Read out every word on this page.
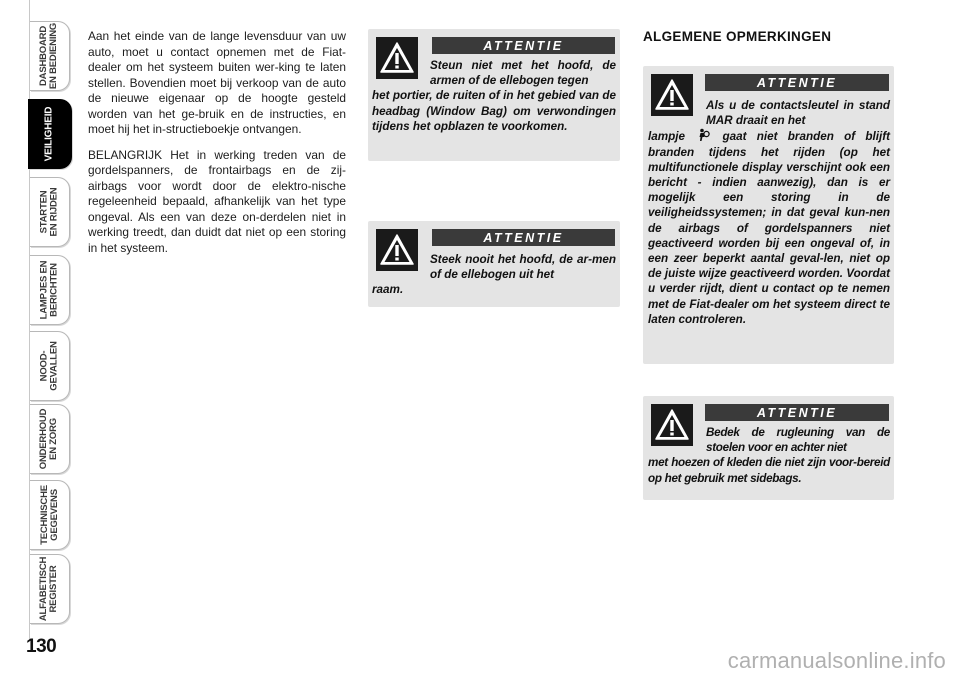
DASHBOARD
EN BEDIENING
VEILIGHEID
STARTEN
EN RIJDEN
LAMPJES EN
BERICHTEN
NOOD-
GEVALLEN
ONDERHOUD
EN ZORG
TECHNISCHE
GEGEVENS
ALFABETISCH
REGISTER
130

Aan het einde van de lange levensduur van uw auto, moet u contact opnemen met de Fiat-dealer om het systeem buiten wer-king te laten stellen. Bovendien moet bij verkoop van de auto de nieuwe eigenaar op de hoogte gesteld worden van het ge-bruik en de instructies, en moet hij het in-structieboekje ontvangen.

BELANGRIJK Het in werking treden van de gordelspanners, de frontairbags en de zij-airbags voor wordt door de elektro-nische regeleenheid bepaald, afhankelijk van het type ongeval. Als een van deze on-derdelen niet in werking treedt, dan duidt dat niet op een storing in het systeem.

ATTENTIE
Steun niet met het hoofd, de armen of de ellebogen tegen
het portier, de ruiten of in het gebied van de headbag (Window Bag) om verwondingen tijdens het opblazen te voorkomen.
ATTENTIE
Steek nooit het hoofd, de ar-men of de ellebogen uit het
raam.
ALGEMENE OPMERKINGEN
ATTENTIE
Als u de contactsleutel in stand MAR draait en het
lampje	gaat niet branden of blijft branden tijdens het rijden (op het multifunctionele display verschijnt ook een bericht - indien aanwezig), dan is er mogelijk een storing in de veiligheidssystemen; in dat geval kun-nen de airbags of gordelspanners niet geactiveerd worden bij een ongeval of, in een zeer beperkt aantal geval-len, niet op de juiste wijze geactiveerd worden. Voordat u verder rijdt, dient u contact op te nemen met de Fiat-dealer om het systeem direct te laten controleren.
ATTENTIE
Bedek de rugleuning van de stoelen voor en achter niet
met hoezen of kleden die niet zijn voor-bereid op het gebruik met sidebags.
carmanualsonline.info
